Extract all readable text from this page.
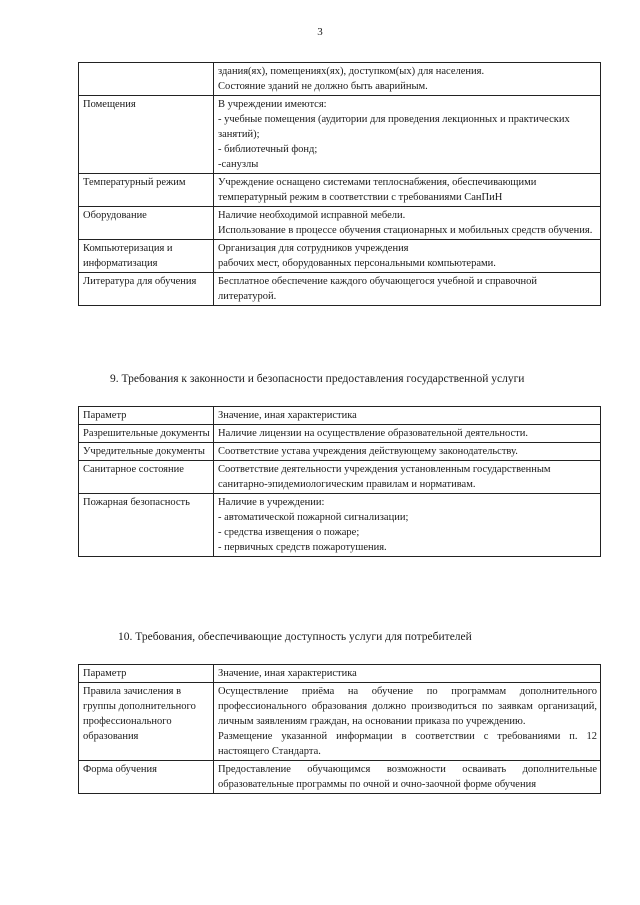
3

	здания(ях), помещениях(ях), доступком(ых) для населения.
Состояние зданий не должно быть аварийным.

Помещения	В учреждении имеются:
- учебные помещения (аудитории для проведения лекционных и практических занятий);
- библиотечный фонд;
-санузлы

Температурный режим	Учреждение оснащено системами теплоснабжения, обеспечивающими температурный режим в соответствии с требованиями СанПиН

Оборудование	Наличие необходимой исправной мебели.
Использование в процессе обучения стационарных и мобильных средств обучения.

Компьютеризация и информатизация	Организация для сотрудников учреждения
рабочих мест, оборудованных персональными компьютерами.

Литература для обучения	Бесплатное обеспечение каждого обучающегося учебной и справочной литературой.
9. Требования к законности и безопасности предоставления государственной услуги
Параметр	Значение, иная характеристика
Разрешительные документы	Наличие лицензии на осуществление образовательной деятельности.

Учредительные документы	Соответствие устава учреждения действующему законодательству.

Санитарное состояние	Соответствие деятельности учреждения установленным государственным санитарно-эпидемиологическим правилам и нормативам.

Пожарная безопасность	Наличие в учреждении:
- автоматической пожарной сигнализации;
- средства извещения о пожаре;
- первичных средств пожаротушения.
10. Требования, обеспечивающие доступность услуги для потребителей
Параметр	Значение, иная характеристика
Правила зачисления в группы дополнительного профессионального образования	Осуществление приёма на обучение по программам дополнительного профессионального образования должно производиться по заявкам организаций, личным заявлениям граждан, на основании приказа по учреждению.
Размещение указанной информации в соответствии с требованиями п. 12 настоящего Стандарта.

Форма обучения	Предоставление обучающимся возможности осваивать дополнительные образовательные программы по очной и очно-заочной форме обучения
